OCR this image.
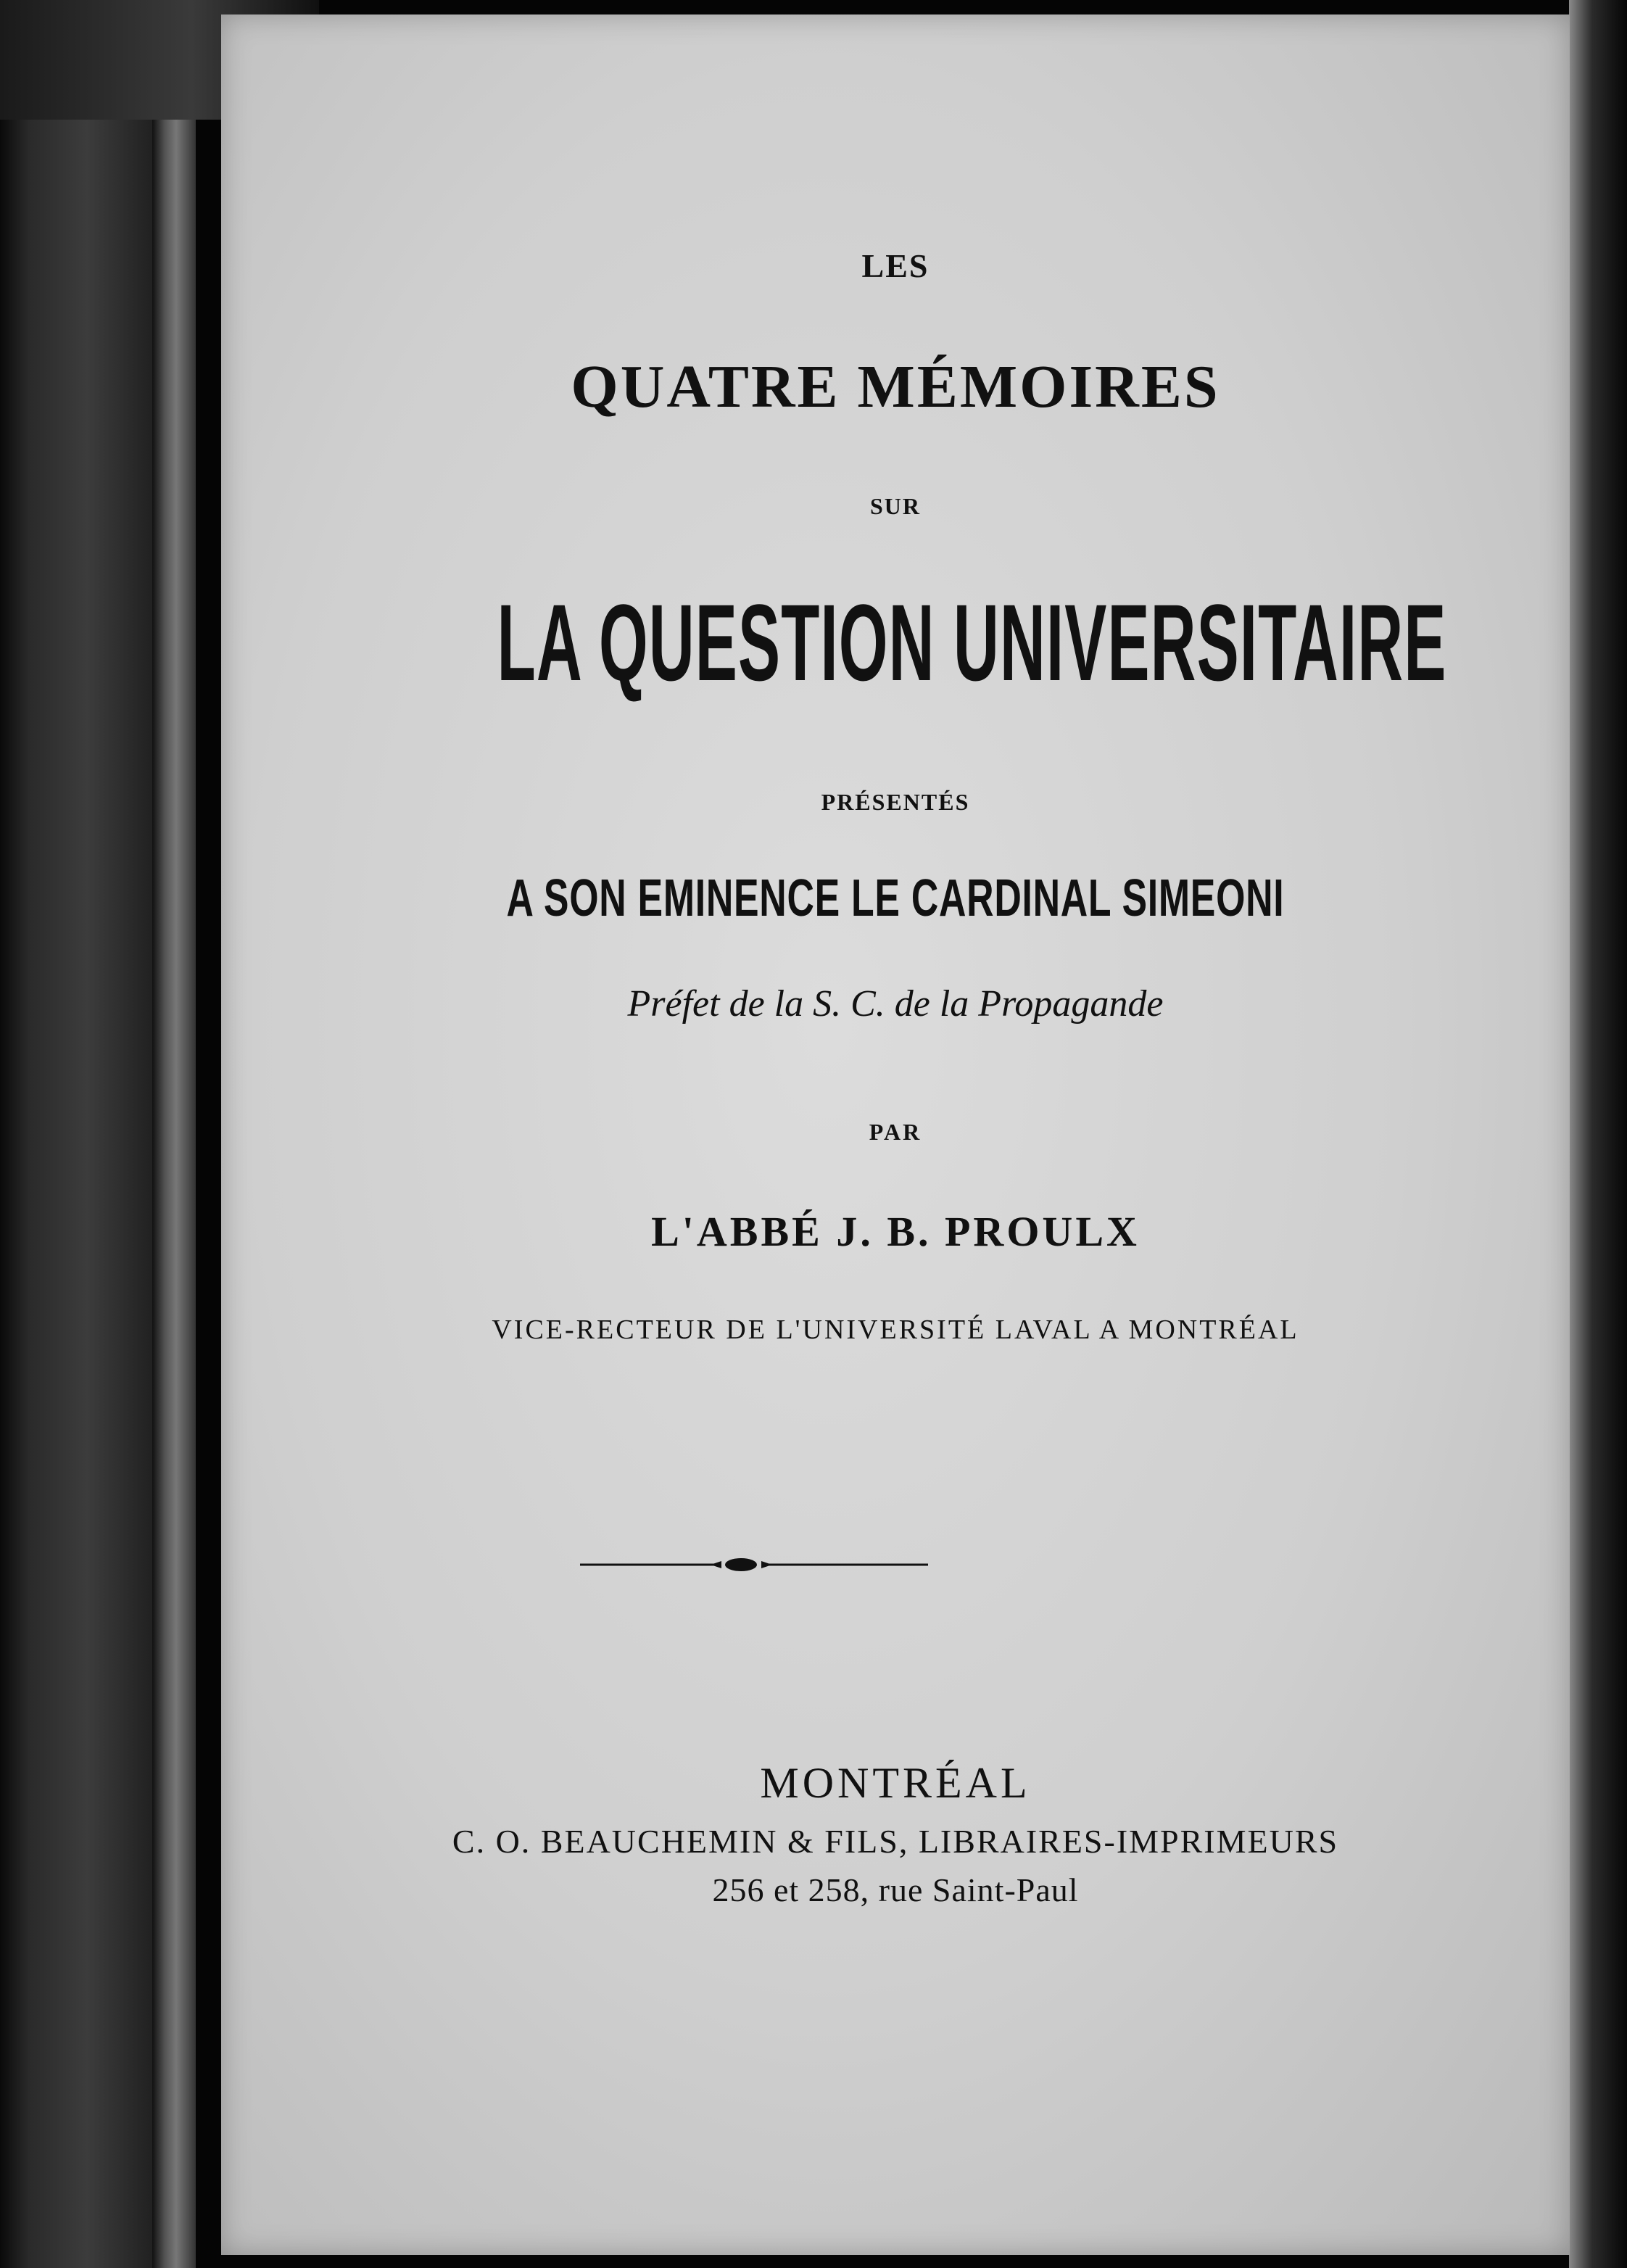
LES
QUATRE MÉMOIRES
SUR
LA QUESTION UNIVERSITAIRE
PRÉSENTÉS
A SON EMINENCE LE CARDINAL SIMEONI
Préfet de la S. C. de la Propagande
PAR
L'ABBÉ J. B. PROULX
VICE-RECTEUR DE L'UNIVERSITÉ LAVAL A MONTRÉAL
MONTRÉAL
C. O. BEAUCHEMIN & FILS, LIBRAIRES-IMPRIMEURS
256 et 258, rue Saint-Paul
